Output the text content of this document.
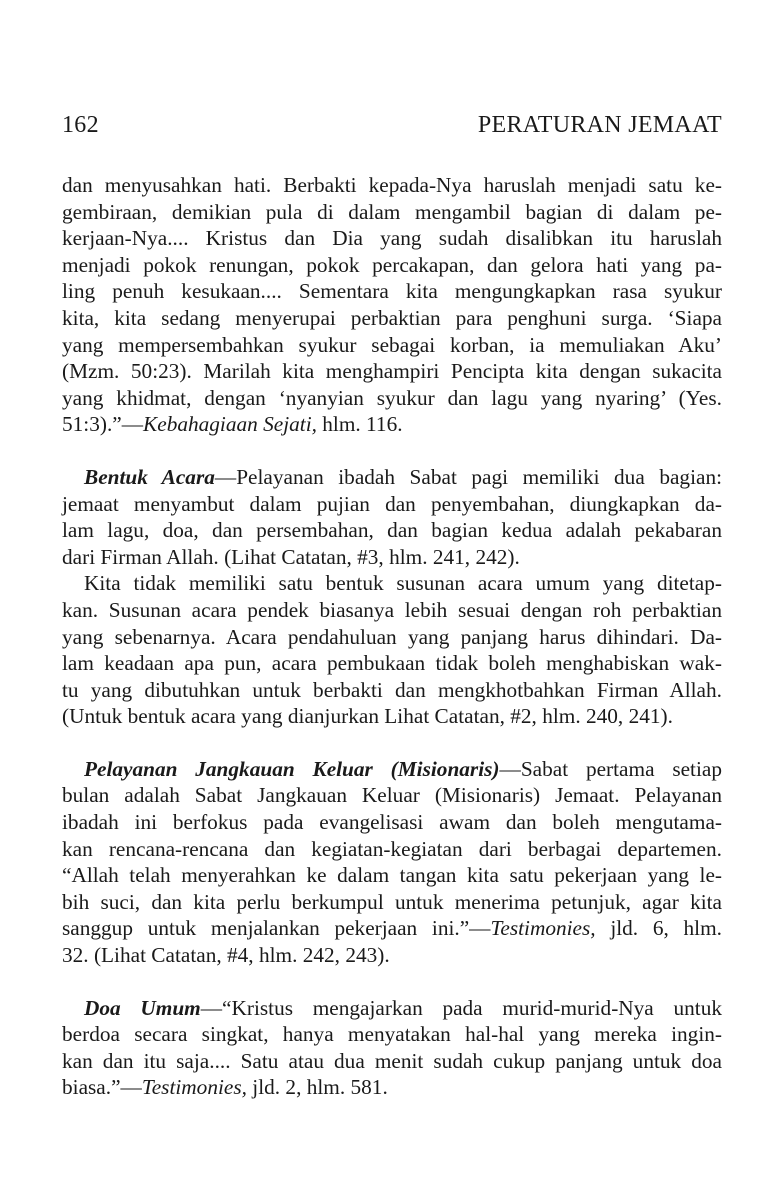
162	PERATURAN JEMAAT
dan menyusahkan hati. Berbakti kepada-Nya haruslah menjadi satu ke-
gembiraan, demikian pula di dalam mengambil bagian di dalam pe-
kerjaan-Nya.... Kristus dan Dia yang sudah disalibkan itu haruslah
menjadi pokok renungan, pokok percakapan, dan gelora hati yang pa-
ling penuh kesukaan.... Sementara kita mengungkapkan rasa syukur
kita, kita sedang menyerupai perbaktian para penghuni surga. ‘Siapa
yang mempersembahkan syukur sebagai korban, ia memuliakan Aku’
(Mzm. 50:23). Marilah kita menghampiri Pencipta kita dengan sukacita
yang khidmat, dengan ‘nyanyian syukur dan lagu yang nyaring’ (Yes.
51:3).”—Kebahagiaan Sejati, hlm. 116.
Bentuk Acara—Pelayanan ibadah Sabat pagi memiliki dua bagian:
jemaat menyambut dalam pujian dan penyembahan, diungkapkan da-
lam lagu, doa, dan persembahan, dan bagian kedua adalah pekabaran
dari Firman Allah. (Lihat Catatan, #3, hlm. 241, 242).
Kita tidak memiliki satu bentuk susunan acara umum yang ditetap-
kan. Susunan acara pendek biasanya lebih sesuai dengan roh perbaktian
yang sebenarnya. Acara pendahuluan yang panjang harus dihindari. Da-
lam keadaan apa pun, acara pembukaan tidak boleh menghabiskan wak-
tu yang dibutuhkan untuk berbakti dan mengkhotbahkan Firman Allah.
(Untuk bentuk acara yang dianjurkan Lihat Catatan, #2, hlm. 240, 241).
Pelayanan Jangkauan Keluar (Misionaris)—Sabat pertama setiap
bulan adalah Sabat Jangkauan Keluar (Misionaris) Jemaat. Pelayanan
ibadah ini berfokus pada evangelisasi awam dan boleh mengutama-
kan rencana-rencana dan kegiatan-kegiatan dari berbagai departemen.
“Allah telah menyerahkan ke dalam tangan kita satu pekerjaan yang le-
bih suci, dan kita perlu berkumpul untuk menerima petunjuk, agar kita
sanggup untuk menjalankan pekerjaan ini.”—Testimonies, jld. 6, hlm.
32. (Lihat Catatan, #4, hlm. 242, 243).
Doa Umum—“Kristus mengajarkan pada murid-murid-Nya untuk
berdoa secara singkat, hanya menyatakan hal-hal yang mereka ingin-
kan dan itu saja.... Satu atau dua menit sudah cukup panjang untuk doa
biasa.”—Testimonies, jld. 2, hlm. 581.
